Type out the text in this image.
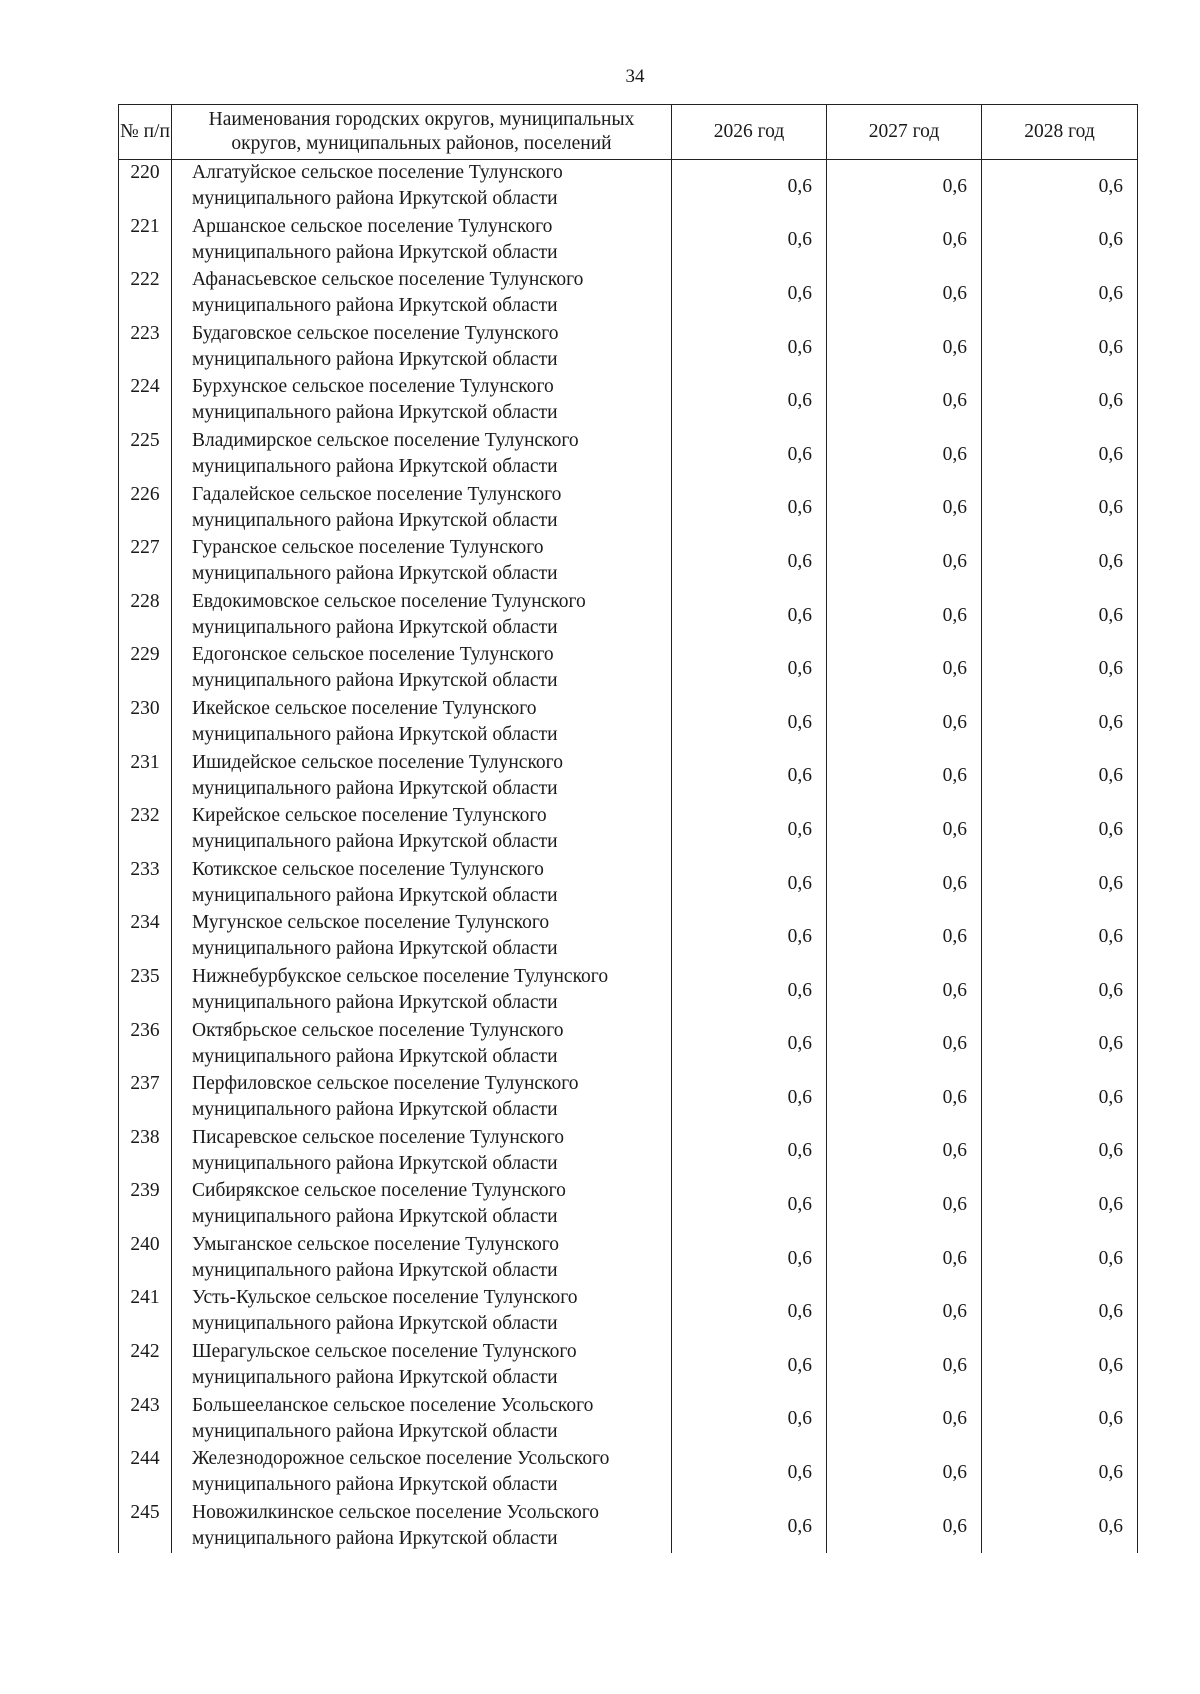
34
№ п/п	Наименования городских округов, муниципальных округов, муниципальных районов, поселений	2026 год	2027 год	2028 год
220	Алгатуйское сельское поселение Тулунского
муниципального района Иркутской области	0,6	0,6	0,6
221	Аршанское сельское поселение Тулунского
муниципального района Иркутской области	0,6	0,6	0,6
222	Афанасьевское сельское поселение Тулунского
муниципального района Иркутской области	0,6	0,6	0,6
223	Будаговское сельское поселение Тулунского
муниципального района Иркутской области	0,6	0,6	0,6
224	Бурхунское сельское поселение Тулунского
муниципального района Иркутской области	0,6	0,6	0,6
225	Владимирское сельское поселение Тулунского
муниципального района Иркутской области	0,6	0,6	0,6
226	Гадалейское сельское поселение Тулунского
муниципального района Иркутской области	0,6	0,6	0,6
227	Гуранское сельское поселение Тулунского
муниципального района Иркутской области	0,6	0,6	0,6
228	Евдокимовское сельское поселение Тулунского
муниципального района Иркутской области	0,6	0,6	0,6
229	Едогонское сельское поселение Тулунского
муниципального района Иркутской области	0,6	0,6	0,6
230	Икейское сельское поселение Тулунского
муниципального района Иркутской области	0,6	0,6	0,6
231	Ишидейское сельское поселение Тулунского
муниципального района Иркутской области	0,6	0,6	0,6
232	Кирейское сельское поселение Тулунского
муниципального района Иркутской области	0,6	0,6	0,6
233	Котикское сельское поселение Тулунского
муниципального района Иркутской области	0,6	0,6	0,6
234	Мугунское сельское поселение Тулунского
муниципального района Иркутской области	0,6	0,6	0,6
235	Нижнебурбукское сельское поселение Тулунского
муниципального района Иркутской области	0,6	0,6	0,6
236	Октябрьское сельское поселение Тулунского
муниципального района Иркутской области	0,6	0,6	0,6
237	Перфиловское сельское поселение Тулунского
муниципального района Иркутской области	0,6	0,6	0,6
238	Писаревское сельское поселение Тулунского
муниципального района Иркутской области	0,6	0,6	0,6
239	Сибирякское сельское поселение Тулунского
муниципального района Иркутской области	0,6	0,6	0,6
240	Умыганское сельское поселение Тулунского
муниципального района Иркутской области	0,6	0,6	0,6
241	Усть-Кульское сельское поселение Тулунского
муниципального района Иркутской области	0,6	0,6	0,6
242	Шерагульское сельское поселение Тулунского
муниципального района Иркутской области	0,6	0,6	0,6
243	Большееланское сельское поселение Усольского
муниципального района Иркутской области	0,6	0,6	0,6
244	Железнодорожное сельское поселение Усольского
муниципального района Иркутской области	0,6	0,6	0,6
245	Новожилкинское сельское поселение Усольского
муниципального района Иркутской области	0,6	0,6	0,6
